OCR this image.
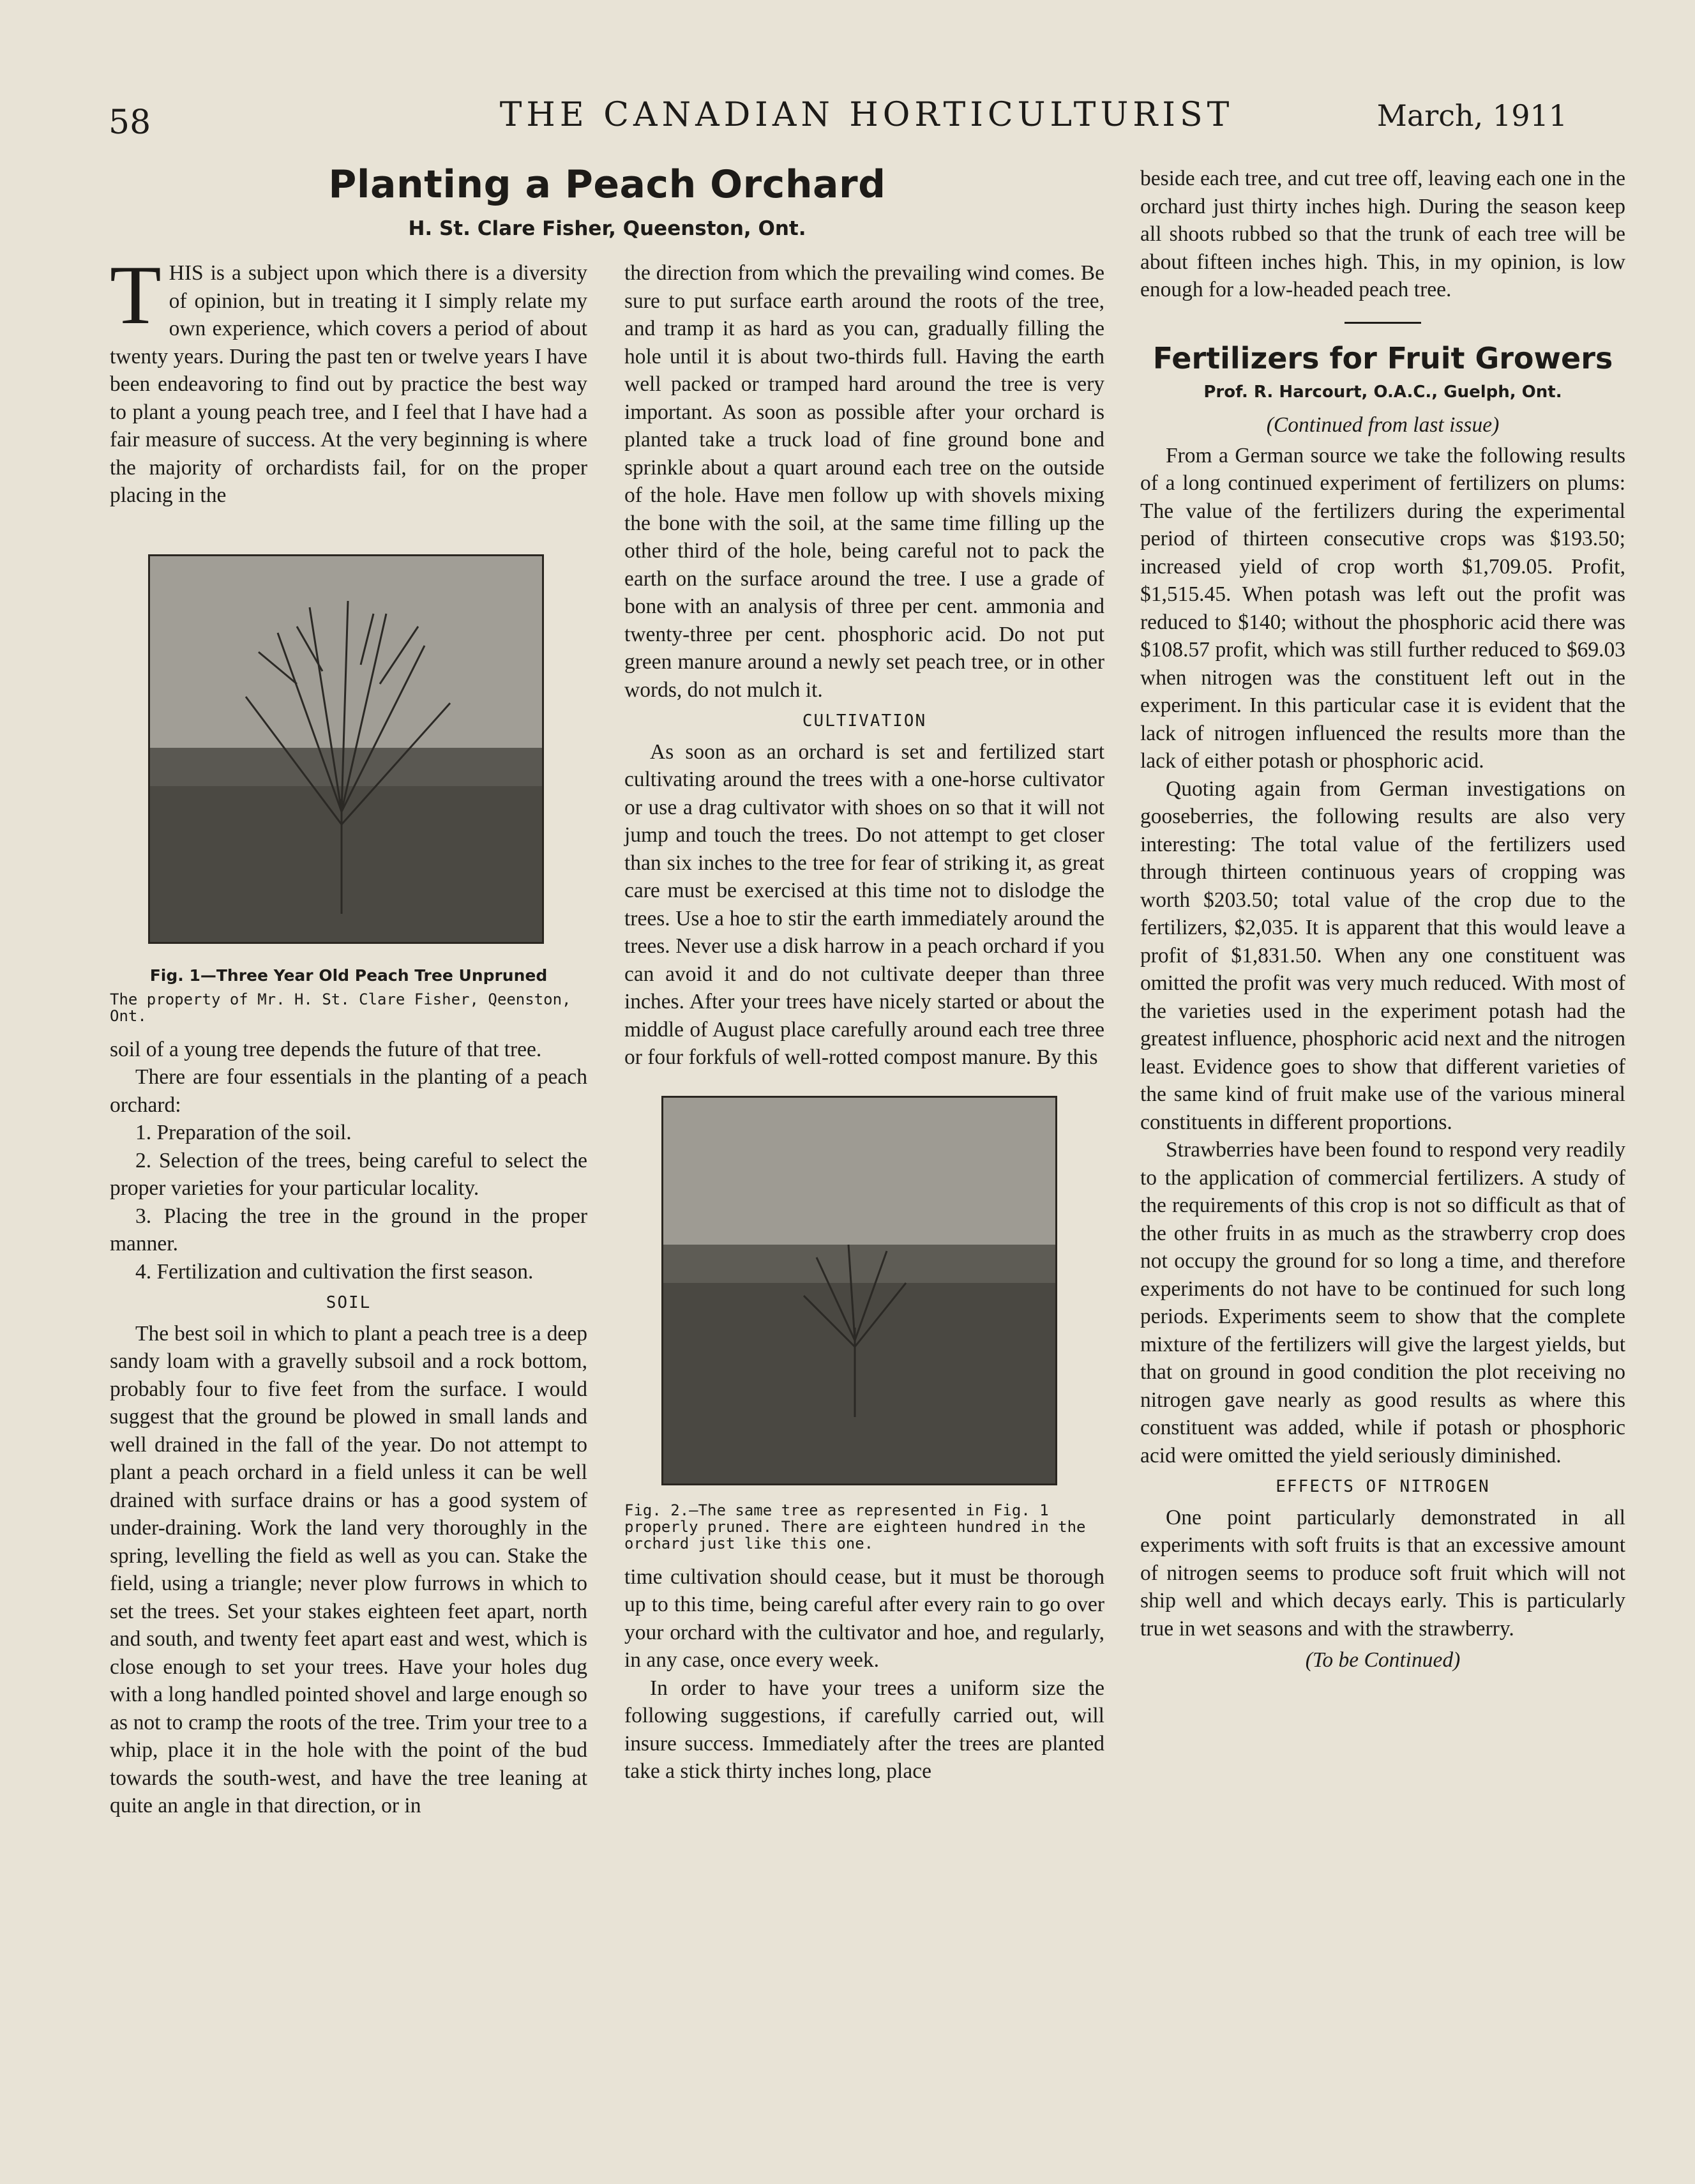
58	THE CANADIAN HORTICULTURIST	March, 1911
Planting a Peach Orchard
H. St. Clare Fisher, Queenston, Ont.

THIS is a subject upon which there is a diversity of opinion, but in treating it I simply relate my own experience, which covers a period of about twenty years. During the past ten or twelve years I have been endeavoring to find out by practice the best way to plant a young peach tree, and I feel that I have had a fair measure of success. At the very beginning is where the majority of orchardists fail, for on the proper placing in the

Fig. 1—Three Year Old Peach Tree Unpruned

The property of Mr. H. St. Clare Fisher, Qeenston, Ont.

soil of a young tree depends the future of that tree.

There are four essentials in the planting of a peach orchard:

1. Preparation of the soil.

2. Selection of the trees, being careful to select the proper varieties for your particular locality.

3. Placing the tree in the ground in the proper manner.

4. Fertilization and cultivation the first season.

SOIL

The best soil in which to plant a peach tree is a deep sandy loam with a gravelly subsoil and a rock bottom, probably four to five feet from the surface. I would suggest that the ground be plowed in small lands and well drained in the fall of the year. Do not attempt to plant a peach orchard in a field unless it can be well drained with surface drains or has a good system of under-draining. Work the land very thoroughly in the spring, levelling the field as well as you can. Stake the field, using a triangle; never plow furrows in which to set the trees. Set your stakes eighteen feet apart, north and south, and twenty feet apart east and west, which is close enough to set your trees. Have your holes dug with a long handled pointed shovel and large enough so as not to cramp the roots of the tree. Trim your tree to a whip, place it in the hole with the point of the bud towards the south-west, and have the tree leaning at quite an angle in that direction, or in

the direction from which the prevailing wind comes. Be sure to put surface earth around the roots of the tree, and tramp it as hard as you can, gradually filling the hole until it is about two-thirds full. Having the earth well packed or tramped hard around the tree is very important. As soon as possible after your orchard is planted take a truck load of fine ground bone and sprinkle about a quart around each tree on the outside of the hole. Have men follow up with shovels mixing the bone with the soil, at the same time filling up the other third of the hole, being careful not to pack the earth on the surface around the tree. I use a grade of bone with an analysis of three per cent. ammonia and twenty-three per cent. phosphoric acid. Do not put green manure around a newly set peach tree, or in other words, do not mulch it.

CULTIVATION

As soon as an orchard is set and fertilized start cultivating around the trees with a one-horse cultivator or use a drag cultivator with shoes on so that it will not jump and touch the trees. Do not attempt to get closer than six inches to the tree for fear of striking it, as great care must be exercised at this time not to dislodge the trees. Use a hoe to stir the earth immediately around the trees. Never use a disk harrow in a peach orchard if you can avoid it and do not cultivate deeper than three inches. After your trees have nicely started or about the middle of August place carefully around each tree three or four forkfuls of well-rotted compost manure. By this

Fig. 2.—The same tree as represented in Fig. 1 properly pruned. There are eighteen hundred in the orchard just like this one.

time cultivation should cease, but it must be thorough up to this time, being careful after every rain to go over your orchard with the cultivator and hoe, and regularly, in any case, once every week.

In order to have your trees a uniform size the following suggestions, if carefully carried out, will insure success. Immediately after the trees are planted take a stick thirty inches long, place

beside each tree, and cut tree off, leaving each one in the orchard just thirty inches high. During the season keep all shoots rubbed so that the trunk of each tree will be about fifteen inches high. This, in my opinion, is low enough for a low-headed peach tree.

Fertilizers for Fruit Growers

Prof. R. Harcourt, O.A.C., Guelph, Ont.

(Continued from last issue)

From a German source we take the following results of a long continued experiment of fertilizers on plums: The value of the fertilizers during the experimental period of thirteen consecutive crops was $193.50; increased yield of crop worth $1,709.05. Profit, $1,515.45. When potash was left out the profit was reduced to $140; without the phosphoric acid there was $108.57 profit, which was still further reduced to $69.03 when nitrogen was the constituent left out in the experiment. In this particular case it is evident that the lack of nitrogen influenced the results more than the lack of either potash or phosphoric acid.

Quoting again from German investigations on gooseberries, the following results are also very interesting: The total value of the fertilizers used through thirteen continuous years of cropping was worth $203.50; total value of the crop due to the fertilizers, $2,035. It is apparent that this would leave a profit of $1,831.50. When any one constituent was omitted the profit was very much reduced. With most of the varieties used in the experiment potash had the greatest influence, phosphoric acid next and the nitrogen least. Evidence goes to show that different varieties of the same kind of fruit make use of the various mineral constituents in different proportions.

Strawberries have been found to respond very readily to the application of commercial fertilizers. A study of the requirements of this crop is not so difficult as that of the other fruits in as much as the strawberry crop does not occupy the ground for so long a time, and therefore experiments do not have to be continued for such long periods. Experiments seem to show that the complete mixture of the fertilizers will give the largest yields, but that on ground in good condition the plot receiving no nitrogen gave nearly as good results as where this constituent was added, while if potash or phosphoric acid were omitted the yield seriously diminished.

EFFECTS OF NITROGEN

One point particularly demonstrated in all experiments with soft fruits is that an excessive amount of nitrogen seems to produce soft fruit which will not ship well and which decays early. This is particularly true in wet seasons and with the strawberry.

(To be Continued)
